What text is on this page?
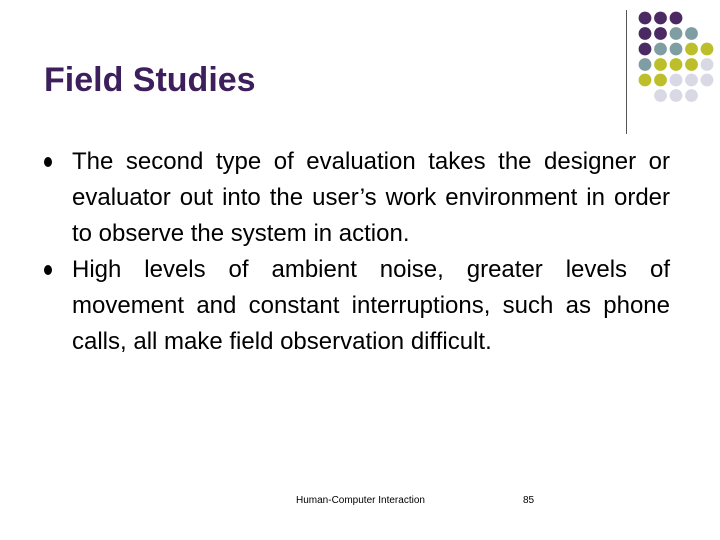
Field Studies
The second type of evaluation takes the designer or evaluator out into the user’s work environment in order to observe the system in action.
High levels of ambient noise, greater levels of movement and constant interruptions, such as phone calls, all make field observation difficult.
Human-Computer Interaction	85
